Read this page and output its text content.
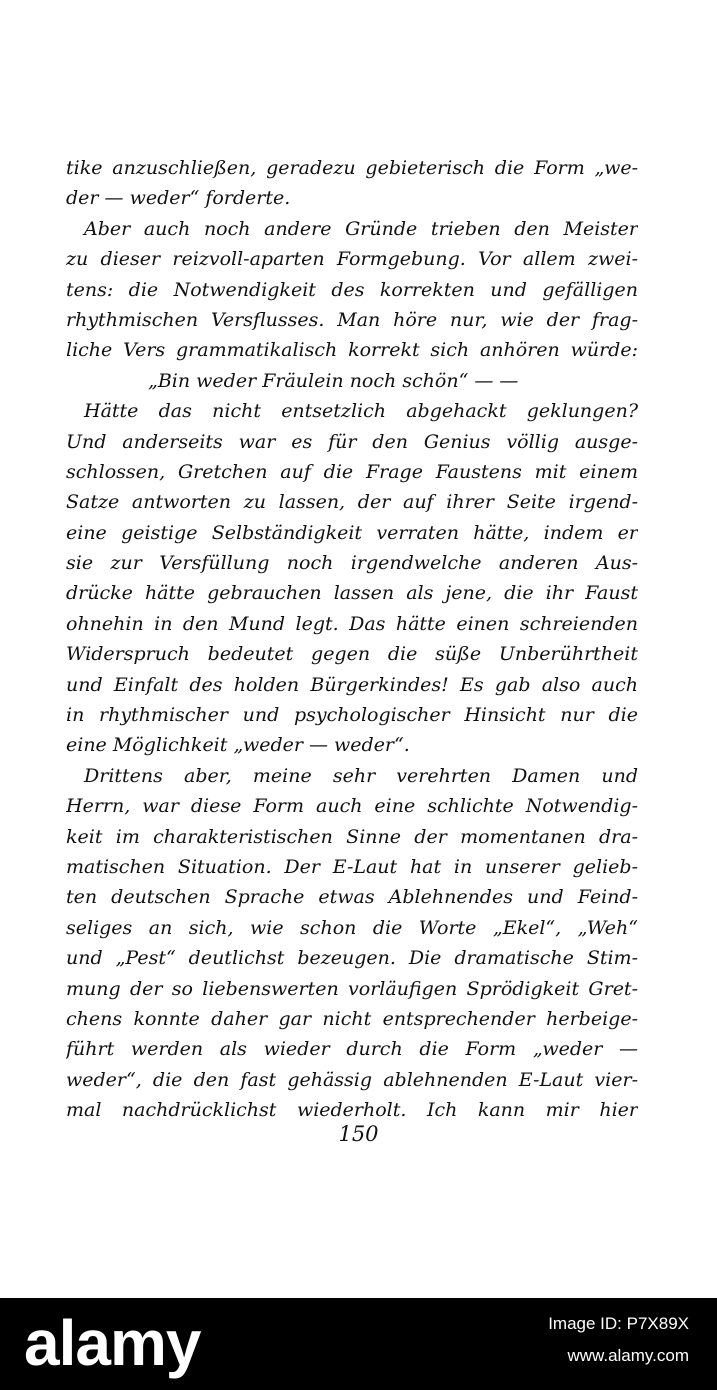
tike anzuschließen, geradezu gebieterisch die Form „we-
der — weder“ forderte.
Aber auch noch andere Gründe trieben den Meister
zu dieser reizvoll-aparten Formgebung. Vor allem zwei-
tens: die Notwendigkeit des korrekten und gefälligen
rhythmischen Versflusses. Man höre nur, wie der frag-
liche Vers grammatikalisch korrekt sich anhören würde:
„Bin weder Fräulein noch schön“ — —
Hätte das nicht entsetzlich abgehackt geklungen?
Und anderseits war es für den Genius völlig ausge-
schlossen, Gretchen auf die Frage Faustens mit einem
Satze antworten zu lassen, der auf ihrer Seite irgend-
eine geistige Selbständigkeit verraten hätte, indem er
sie zur Versfüllung noch irgendwelche anderen Aus-
drücke hätte gebrauchen lassen als jene, die ihr Faust
ohnehin in den Mund legt. Das hätte einen schreienden
Widerspruch bedeutet gegen die süße Unberührtheit
und Einfalt des holden Bürgerkindes! Es gab also auch
in rhythmischer und psychologischer Hinsicht nur die
eine Möglichkeit „weder — weder“.
Drittens aber, meine sehr verehrten Damen und
Herrn, war diese Form auch eine schlichte Notwendig-
keit im charakteristischen Sinne der momentanen dra-
matischen Situation. Der E-Laut hat in unserer gelieb-
ten deutschen Sprache etwas Ablehnendes und Feind-
seliges an sich, wie schon die Worte „Ekel“, „Weh“
und „Pest“ deutlichst bezeugen. Die dramatische Stim-
mung der so liebenswerten vorläufigen Sprödigkeit Gret-
chens konnte daher gar nicht entsprechender herbeige-
führt werden als wieder durch die Form „weder —
weder“, die den fast gehässig ablehnenden E-Laut vier-
mal nachdrücklichst wiederholt. Ich kann mir hier
150
alamy	Image ID: P7X89X
www.alamy.com
